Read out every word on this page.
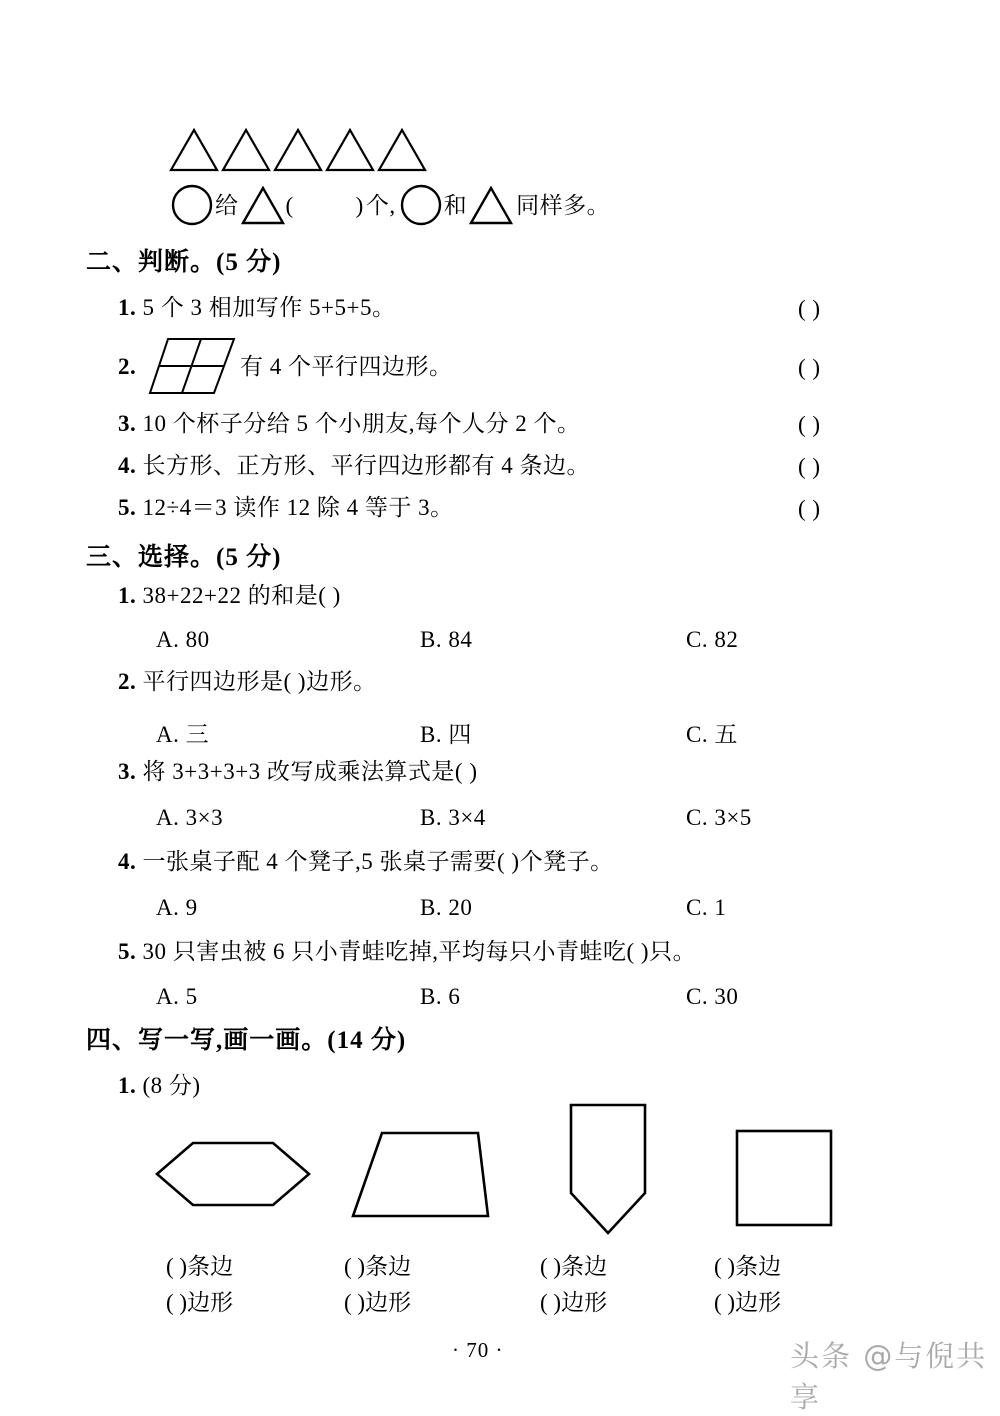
给 (	) 个, 和 同样多。
二、判断。(5 分)
1. 5 个 3 相加写作 5+5+5。	( )
2.	有 4 个平行四边形。	( )
3. 10 个杯子分给 5 个小朋友,每个人分 2 个。	( )
4. 长方形、正方形、平行四边形都有 4 条边。	( )
5. 12÷4＝3 读作 12 除 4 等于 3。	( )
三、选择。(5 分)
1. 38+22+22 的和是( )
A. 80	B. 84	C. 82
2. 平行四边形是( )边形。
A. 三	B. 四	C. 五
3. 将 3+3+3+3 改写成乘法算式是( )
A. 3×3	B. 3×4	C. 3×5
4. 一张桌子配 4 个凳子,5 张桌子需要( )个凳子。
A. 9	B. 20	C. 1
5. 30 只害虫被 6 只小青蛙吃掉,平均每只小青蛙吃( )只。
A. 5	B. 6	C. 30
四、写一写,画一画。(14 分)
1. (8 分)
( )条边	( )条边	( )条边	( )条边
( )边形	( )边形	( )边形	( )边形
· 70 ·	头条 @与倪共享
